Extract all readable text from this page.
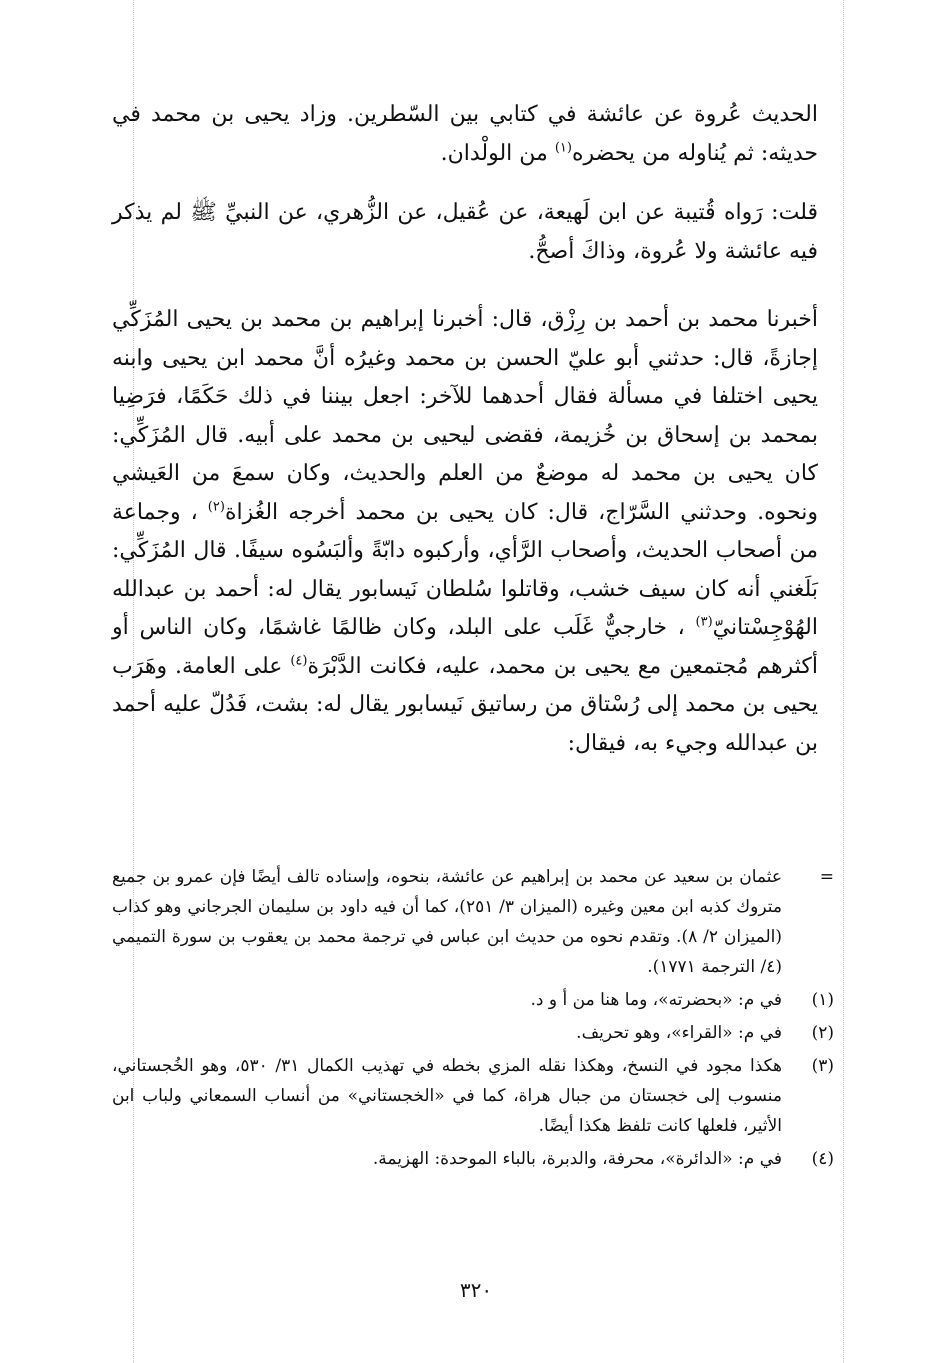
الحديث عُروة عن عائشة في كتابي بين السّطرين. وزاد يحيى بن محمد في حديثه: ثم يُناوله من يحضره$^{(١)}$ من الولْدان.

قلت: رَواه قُتيبة عن ابن لَهيعة، عن عُقيل، عن الزُّهري، عن النبيِّ ﷺ لم يذكر فيه عائشة ولا عُروة، وذاكَ أصحُّ.

أخبرنا محمد بن أحمد بن رِزْق، قال: أخبرنا إبراهيم بن محمد بن يحيى المُزَكِّي إجازةً، قال: حدثني أبو عليّ الحسن بن محمد وغيرُه أنَّ محمد ابن يحيى وابنه يحيى اختلفا في مسألة فقال أحدهما للآخر: اجعل بيننا في ذلك حَكَمًا، فرَضِيا بمحمد بن إسحاق بن خُزيمة، فقضى ليحيى بن محمد على أبيه. قال المُزَكِّي: كان يحيى بن محمد له موضعٌ من العلم والحديث، وكان سمعَ من العَيشي ونحوه. وحدثني السَّرّاج، قال: كان يحيى بن محمد أخرجه الغُزاة$^{(٢)}$ ، وجماعة من أصحاب الحديث، وأصحاب الرَّأي، وأركبوه دابّةً وألبَسُوه سيفًا. قال المُزَكِّي: بَلَغني أنه كان سيف خشب، وقاتلوا سُلطان نَيسابور يقال له: أحمد بن عبدالله الهُوْجِسْتانيّ$^{(٣)}$ ، خارجيٌّ غَلَب على البلد، وكان ظالمًا غاشمًا، وكان الناس أو أكثرهم مُجتمعين مع يحيى بن محمد، عليه، فكانت الدَّبْرَة$^{(٤)}$ على العامة. وهَرَب يحيى بن محمد إلى رُسْتاق من رساتيق نَيسابور يقال له: بشت، فَدُلّ عليه أحمد بن عبدالله وجيء به، فيقال:

=
عثمان بن سعيد عن محمد بن إبراهيم عن عائشة، بنحوه، وإسناده تالف أيضًا فإن عمرو بن جميع متروك كذبه ابن معين وغيره (الميزان ٣/ ٢٥١)، كما أن فيه داود بن سليمان الجرجاني وهو كذاب (الميزان ٢/ ٨). وتقدم نحوه من حديث ابن عباس في ترجمة محمد بن يعقوب بن سورة التميمي (٤/ الترجمة ١٧٧١).
(١)
في م: «بحضرته»، وما هنا من أ و د.
(٢)
في م: «القراء»، وهو تحريف.
(٣)
هكذا مجود في النسخ، وهكذا نقله المزي بخطه في تهذيب الكمال ٣١/ ٥٣٠، وهو الخُجستاني، منسوب إلى خجستان من جبال هراة، كما في «الخجستاني» من أنساب السمعاني ولباب ابن الأثير، فلعلها كانت تلفظ هكذا أيضًا.
(٤)
في م: «الدائرة»، محرفة، والدبرة، بالباء الموحدة: الهزيمة.
٣٢٠
